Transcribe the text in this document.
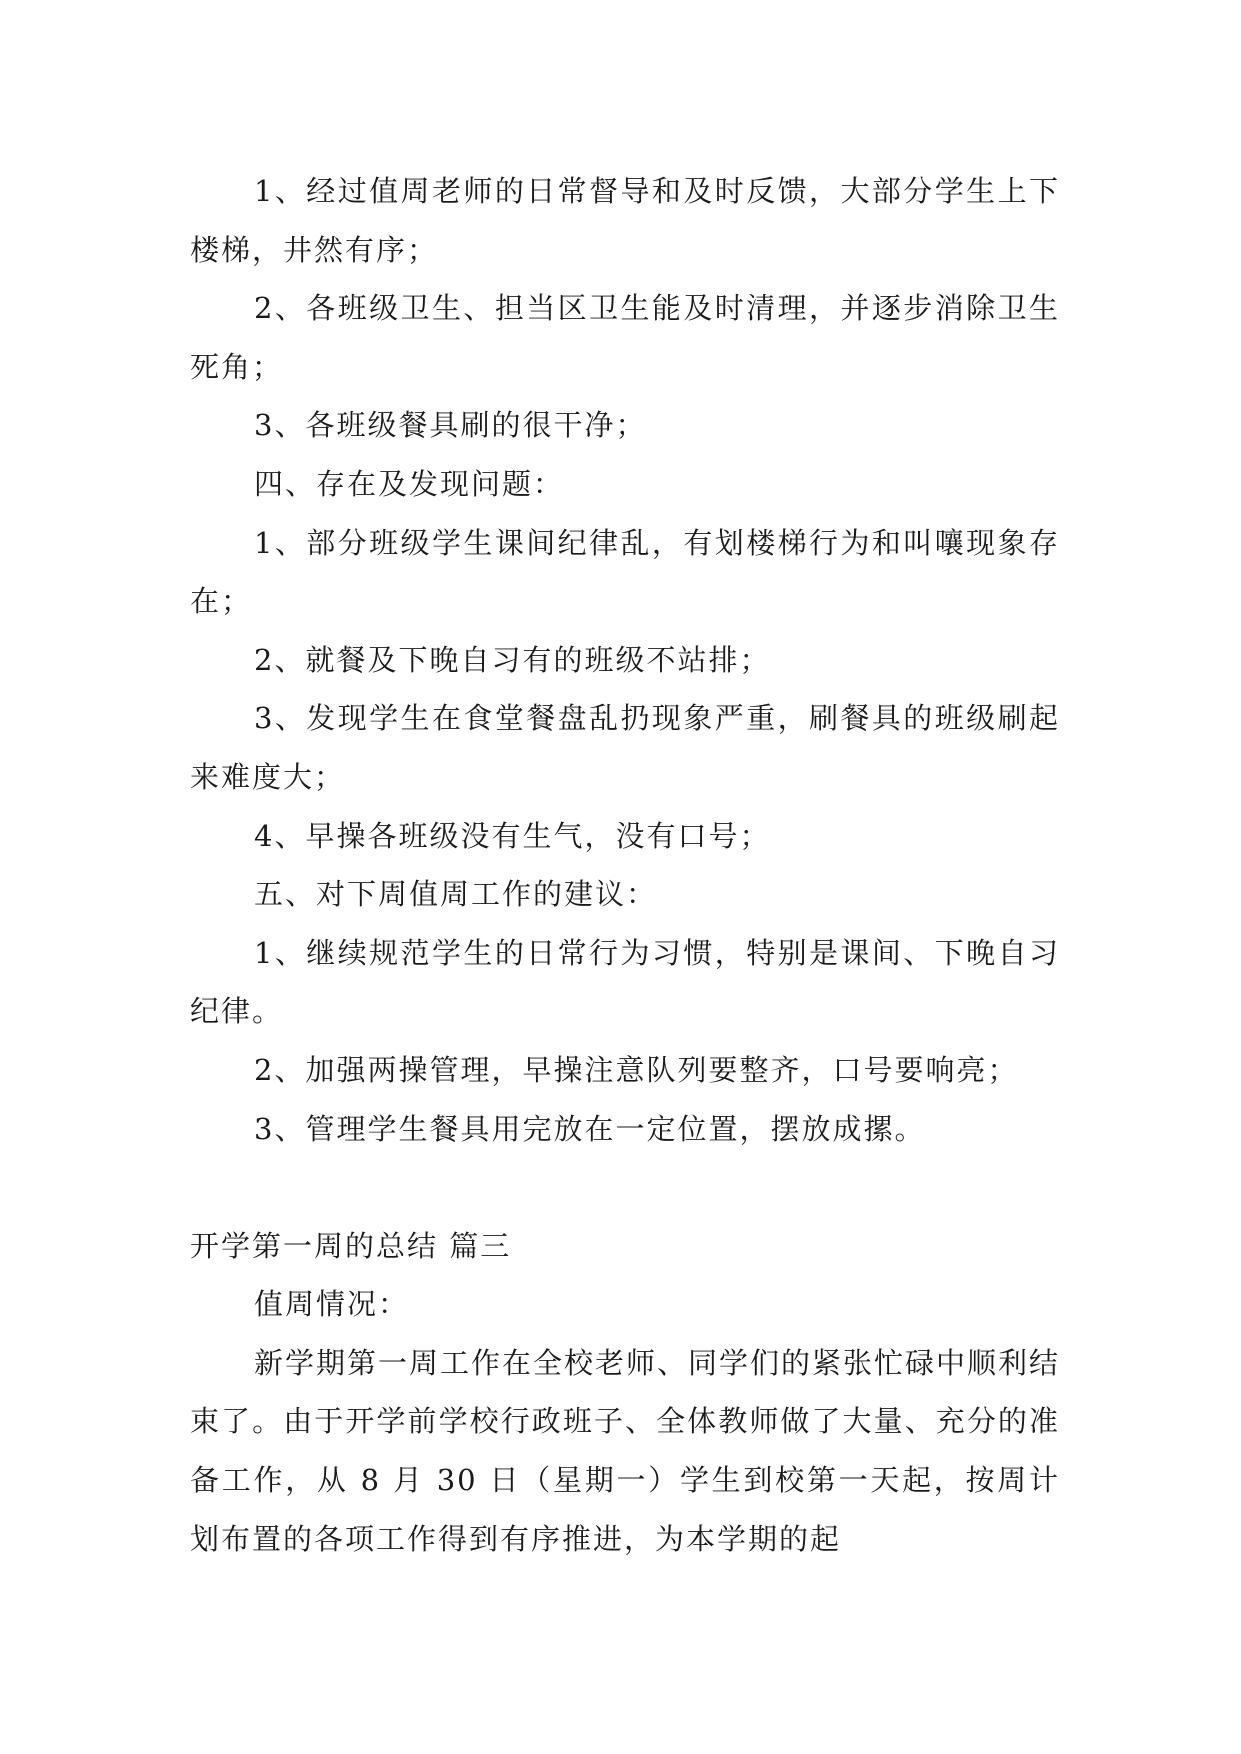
1、经过值周老师的日常督导和及时反馈，大部分学生上下楼梯，井然有序；

2、各班级卫生、担当区卫生能及时清理，并逐步消除卫生死角；

3、各班级餐具刷的很干净；

四、存在及发现问题：

1、部分班级学生课间纪律乱，有划楼梯行为和叫嚷现象存在；

2、就餐及下晚自习有的班级不站排；

3、发现学生在食堂餐盘乱扔现象严重，刷餐具的班级刷起来难度大；

4、早操各班级没有生气，没有口号；

五、对下周值周工作的建议：

1、继续规范学生的日常行为习惯，特别是课间、下晚自习纪律。

2、加强两操管理，早操注意队列要整齐，口号要响亮；

3、管理学生餐具用完放在一定位置，摆放成摞。

开学第一周的总结 篇三

值周情况：

新学期第一周工作在全校老师、同学们的紧张忙碌中顺利结束了。由于开学前学校行政班子、全体教师做了大量、充分的准备工作，从 8 月 30 日（星期一）学生到校第一天起，按周计划布置的各项工作得到有序推进，为本学期的起
